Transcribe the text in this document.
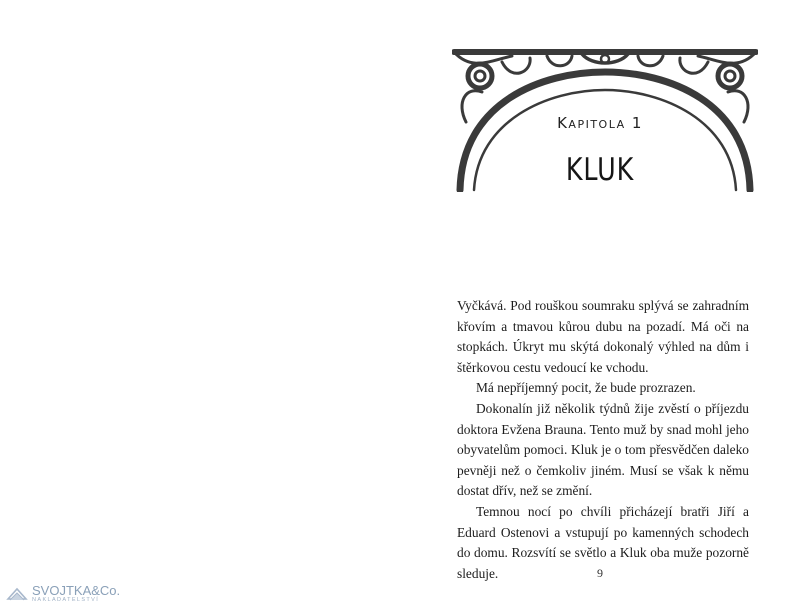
SVOJTKA&Co.
NAKLADATELSTVÍ
Kapitola 1
KLUK

Vyčkává. Pod rouškou soumraku splývá se zahradním křovím a tmavou kůrou dubu na pozadí. Má oči na stopkách. Úkryt mu skýtá dokonalý výhled na dům i štěrkovou cestu vedoucí ke vchodu.

Má nepříjemný pocit, že bude prozrazen.

Dokonalín již několik týdnů žije zvěstí o příjezdu doktora Evžena Brauna. Tento muž by snad mohl jeho obyvatelům pomoci. Kluk je o tom přesvědčen daleko pevněji než o čemkoliv jiném. Musí se však k němu dostat dřív, než se změní.

Temnou nocí po chvíli přicházejí bratři Jiří a Eduard Ostenovi a vstupují po kamenných schodech do domu. Rozsvítí se světlo a Kluk oba muže pozorně sleduje.	9
